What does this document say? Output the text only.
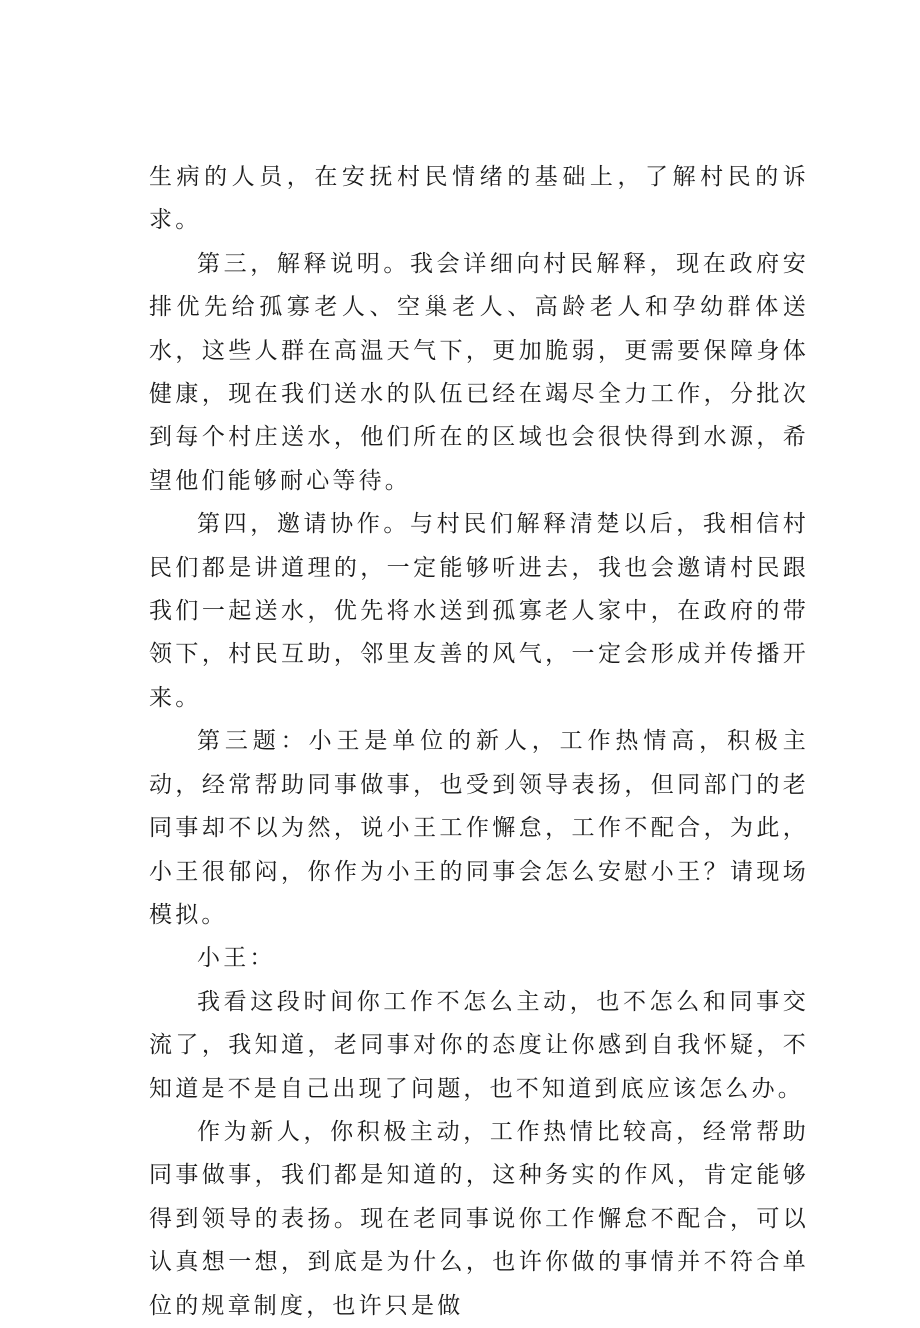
生病的人员，在安抚村民情绪的基础上，了解村民的诉求。

第三，解释说明。我会详细向村民解释，现在政府安排优先给孤寡老人、空巢老人、高龄老人和孕幼群体送水，这些人群在高温天气下，更加脆弱，更需要保障身体健康，现在我们送水的队伍已经在竭尽全力工作，分批次到每个村庄送水，他们所在的区域也会很快得到水源，希望他们能够耐心等待。

第四，邀请协作。与村民们解释清楚以后，我相信村民们都是讲道理的，一定能够听进去，我也会邀请村民跟我们一起送水，优先将水送到孤寡老人家中，在政府的带领下，村民互助，邻里友善的风气，一定会形成并传播开来。

第三题：小王是单位的新人，工作热情高，积极主动，经常帮助同事做事，也受到领导表扬，但同部门的老同事却不以为然，说小王工作懈怠，工作不配合，为此，小王很郁闷，你作为小王的同事会怎么安慰小王？请现场模拟。

小王：

我看这段时间你工作不怎么主动，也不怎么和同事交流了，我知道，老同事对你的态度让你感到自我怀疑，不知道是不是自己出现了问题，也不知道到底应该怎么办。

作为新人，你积极主动，工作热情比较高，经常帮助同事做事，我们都是知道的，这种务实的作风，肯定能够得到领导的表扬。现在老同事说你工作懈怠不配合，可以认真想一想，到底是为什么，也许你做的事情并不符合单位的规章制度，也许只是做
